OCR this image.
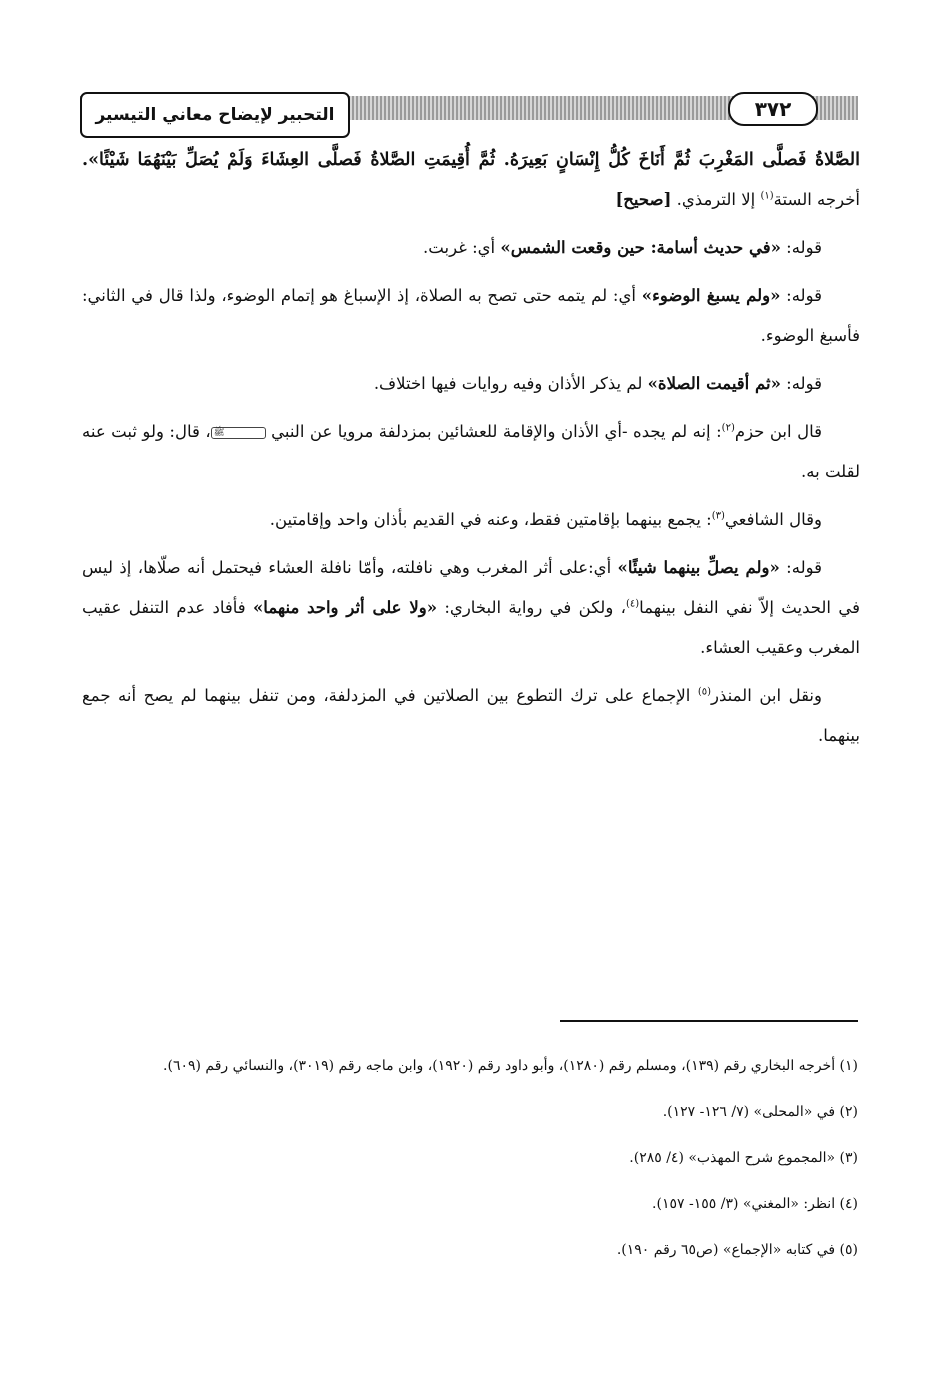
٣٧٢
التحبير لإيضاح معاني التيسير

الصَّلاةُ فَصلَّى المَغْرِبَ ثُمَّ أَنَاخَ كُلُّ إِنْسَانٍ بَعِيرَهُ. ثُمَّ أُقِيمَتِ الصَّلاةُ فَصلَّى العِشَاءَ وَلَمْ يُصَلِّ بَيْنَهُمَا شَيْئًا». أخرجه الستة$^{(١)}$ إلا الترمذي. [صحيح]

قوله: «في حديث أسامة: حين وقعت الشمس» أي: غربت.

قوله: «ولم يسبغ الوضوء» أي: لم يتمه حتى تصح به الصلاة، إذ الإسباغ هو إتمام الوضوء، ولذا قال في الثاني: فأسبغ الوضوء.

قوله: «ثم أقيمت الصلاة» لم يذكر الأذان وفيه روايات فيها اختلاف.

قال ابن حزم$^{(٢)}$: إنه لم يجده -أي الأذان والإقامة للعشائين بمزدلفة مرويا عن النبي ﷺ، قال: ولو ثبت عنه لقلت به.

وقال الشافعي$^{(٣)}$: يجمع بينهما بإقامتين فقط، وعنه في القديم بأذان واحد وإقامتين.

قوله: «ولم يصلِّ بينهما شيئًا» أي:على أثر المغرب وهي نافلته، وأمّا نافلة العشاء فيحتمل أنه صلّاها، إذ ليس في الحديث إلاّ نفي النفل بينهما$^{(٤)}$، ولكن في رواية البخاري: «ولا على أثر واحد منهما» فأفاد عدم التنفل عقيب المغرب وعقيب العشاء.

ونقل ابن المنذر$^{(٥)}$ الإجماع على ترك التطوع بين الصلاتين في المزدلفة، ومن تنفل بينهما لم يصح أنه جمع بينهما.

(١) أخرجه البخاري رقم (١٣٩)، ومسلم رقم (١٢٨٠)، وأبو داود رقم (١٩٢٠)، وابن ماجه رقم (٣٠١٩)، والنسائي رقم (٦٠٩).

(٢) في «المحلى» (٧/ ١٢٦- ١٢٧).

(٣) «المجموع شرح المهذب» (٤/ ٢٨٥).

(٤) انظر: «المغني» (٣/ ١٥٥- ١٥٧).

(٥) في كتابه «الإجماع» (ص٦٥ رقم ١٩٠).
